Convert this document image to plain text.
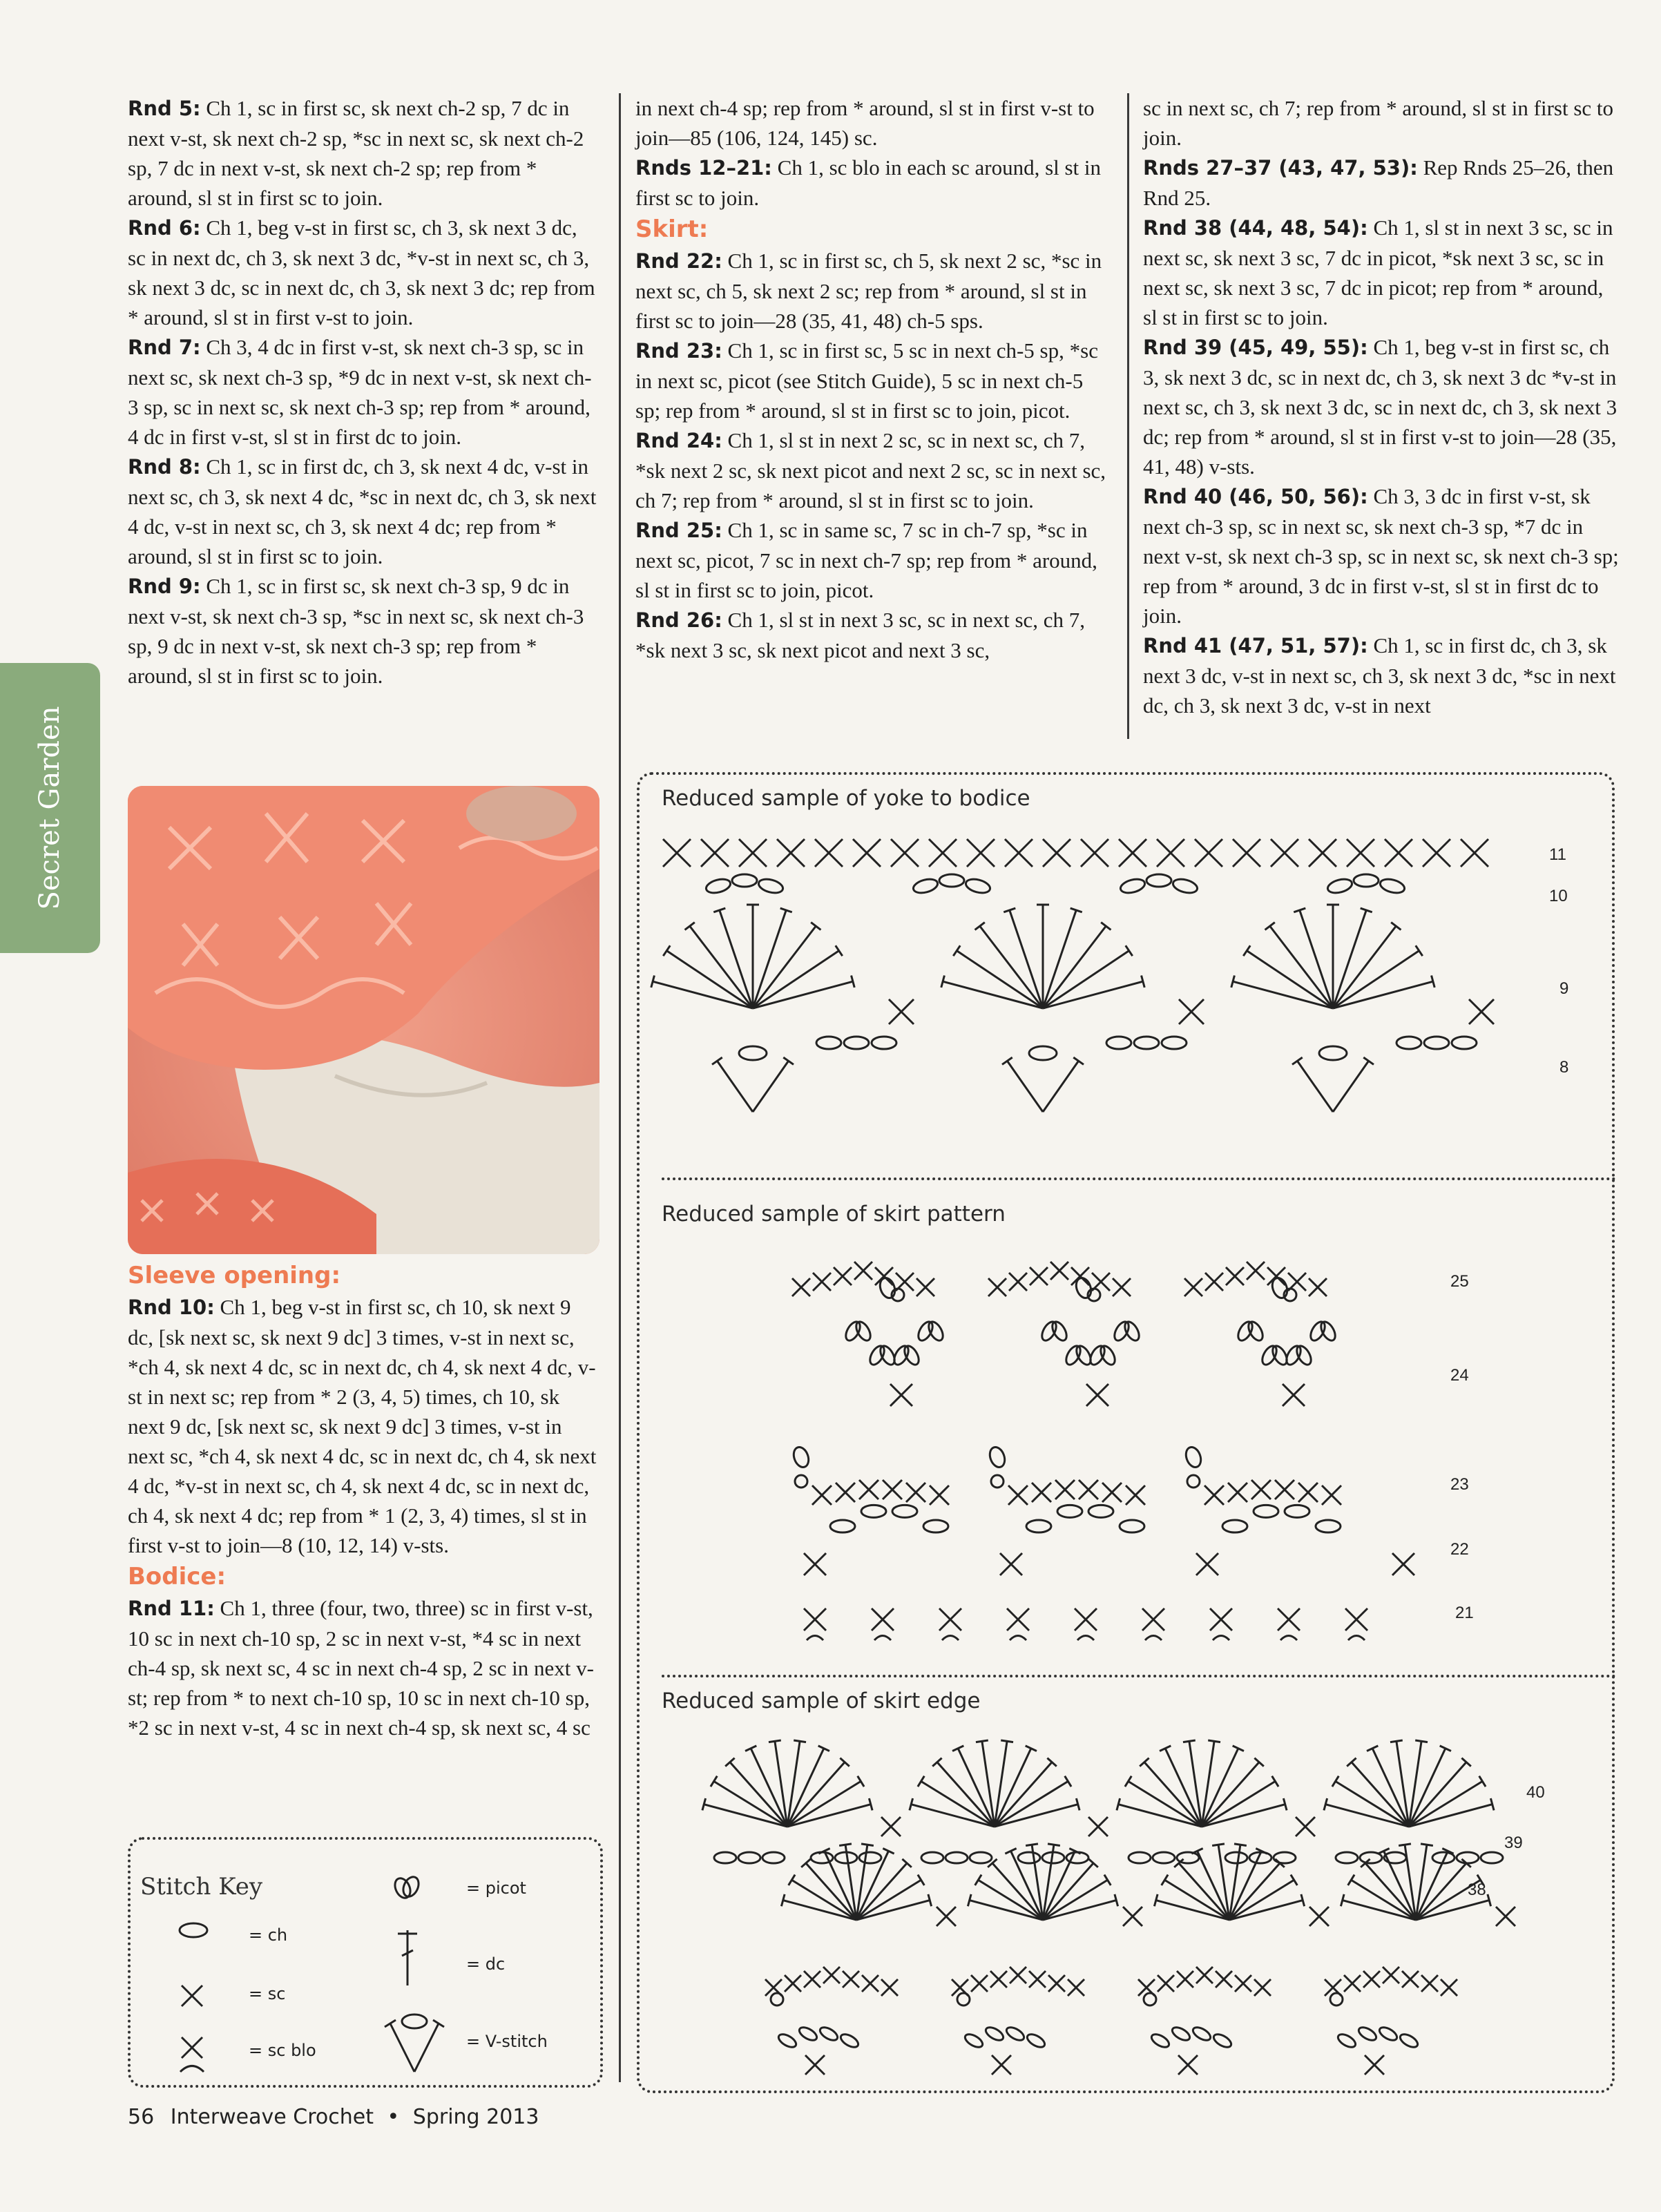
Secret Garden

Rnd 5: Ch 1, sc in first sc, sk next ch-2 sp, 7 dc in next v-st, sk next ch-2 sp, *sc in next sc, sk next ch-2 sp, 7 dc in next v-st, sk next ch-2 sp; rep from * around, sl st in first sc to join.

Rnd 6: Ch 1, beg v-st in first sc, ch 3, sk next 3 dc, sc in next dc, ch 3, sk next 3 dc, *v-st in next sc, ch 3, sk next 3 dc, sc in next dc, ch 3, sk next 3 dc; rep from * around, sl st in first v-st to join.

Rnd 7: Ch 3, 4 dc in first v-st, sk next ch-3 sp, sc in next sc, sk next ch-3 sp, *9 dc in next v-st, sk next ch-3 sp, sc in next sc, sk next ch-3 sp; rep from * around, 4 dc in first v-st, sl st in first dc to join.

Rnd 8: Ch 1, sc in first dc, ch 3, sk next 4 dc, v-st in next sc, ch 3, sk next 4 dc, *sc in next dc, ch 3, sk next 4 dc, v-st in next sc, ch 3, sk next 4 dc; rep from * around, sl st in first sc to join.

Rnd 9: Ch 1, sc in first sc, sk next ch-3 sp, 9 dc in next v-st, sk next ch-3 sp, *sc in next sc, sk next ch-3 sp, 9 dc in next v-st, sk next ch-3 sp; rep from * around, sl st in first sc to join.

Sleeve opening:

Rnd 10: Ch 1, beg v-st in first sc, ch 10, sk next 9 dc, [sk next sc, sk next 9 dc] 3 times, v-st in next sc, *ch 4, sk next 4 dc, sc in next dc, ch 4, sk next 4 dc, v-st in next sc; rep from * 2 (3, 4, 5) times, ch 10, sk next 9 dc, [sk next sc, sk next 9 dc] 3 times, v-st in next sc, *ch 4, sk next 4 dc, sc in next dc, ch 4, sk next 4 dc, *v-st in next sc, ch 4, sk next 4 dc, sc in next dc, ch 4, sk next 4 dc; rep from * 1 (2, 3, 4) times, sl st in first v-st to join—8 (10, 12, 14) v-sts.

Bodice:

Rnd 11: Ch 1, three (four, two, three) sc in first v-st, 10 sc in next ch-10 sp, 2 sc in next v-st, *4 sc in next ch-4 sp, sk next sc, 4 sc in next ch-4 sp, 2 sc in next v-st; rep from * to next ch-10 sp, 10 sc in next ch-10 sp, *2 sc in next v-st, 4 sc in next ch-4 sp, sk next sc, 4 sc

in next ch-4 sp; rep from * around, sl st in first v-st to join—85 (106, 124, 145) sc.

Rnds 12–21: Ch 1, sc blo in each sc around, sl st in first sc to join.

Skirt:

Rnd 22: Ch 1, sc in first sc, ch 5, sk next 2 sc, *sc in next sc, ch 5, sk next 2 sc; rep from * around, sl st in first sc to join—28 (35, 41, 48) ch-5 sps.

Rnd 23: Ch 1, sc in first sc, 5 sc in next ch-5 sp, *sc in next sc, picot (see Stitch Guide), 5 sc in next ch-5 sp; rep from * around, sl st in first sc to join, picot.

Rnd 24: Ch 1, sl st in next 2 sc, sc in next sc, ch 7, *sk next 2 sc, sk next picot and next 2 sc, sc in next sc, ch 7; rep from * around, sl st in first sc to join.

Rnd 25: Ch 1, sc in same sc, 7 sc in ch-7 sp, *sc in next sc, picot, 7 sc in next ch-7 sp; rep from * around, sl st in first sc to join, picot.

Rnd 26: Ch 1, sl st in next 3 sc, sc in next sc, ch 7, *sk next 3 sc, sk next picot and next 3 sc,

sc in next sc, ch 7; rep from * around, sl st in first sc to join.

Rnds 27–37 (43, 47, 53): Rep Rnds 25–26, then Rnd 25.

Rnd 38 (44, 48, 54): Ch 1, sl st in next 3 sc, sc in next sc, sk next 3 sc, 7 dc in picot, *sk next 3 sc, sc in next sc, sk next 3 sc, 7 dc in picot; rep from * around, sl st in first sc to join.

Rnd 39 (45, 49, 55): Ch 1, beg v-st in first sc, ch 3, sk next 3 dc, sc in next dc, ch 3, sk next 3 dc *v-st in next sc, ch 3, sk next 3 dc, sc in next dc, ch 3, sk next 3 dc; rep from * around, sl st in first v-st to join—28 (35, 41, 48) v-sts.

Rnd 40 (46, 50, 56): Ch 3, 3 dc in first v-st, sk next ch-3 sp, sc in next sc, sk next ch-3 sp, *7 dc in next v-st, sk next ch-3 sp, sc in next sc, sk next ch-3 sp; rep from * around, 3 dc in first v-st, sl st in first dc to join.

Rnd 41 (47, 51, 57): Ch 1, sc in first dc, ch 3, sk next 3 dc, v-st in next sc, ch 3, sk next 3 dc, *sc in next dc, ch 3, sk next 3 dc, v-st in next

Reduced sample of yoke to bodice
11
10
9
8
Reduced sample of skirt pattern
25
24
23
22
21
Reduced sample of skirt edge
40
39
38
Stitch Key
= ch
= sc
= sc blo
= picot
= dc
= V-stitch
56 Interweave Crochet • Spring 2013
